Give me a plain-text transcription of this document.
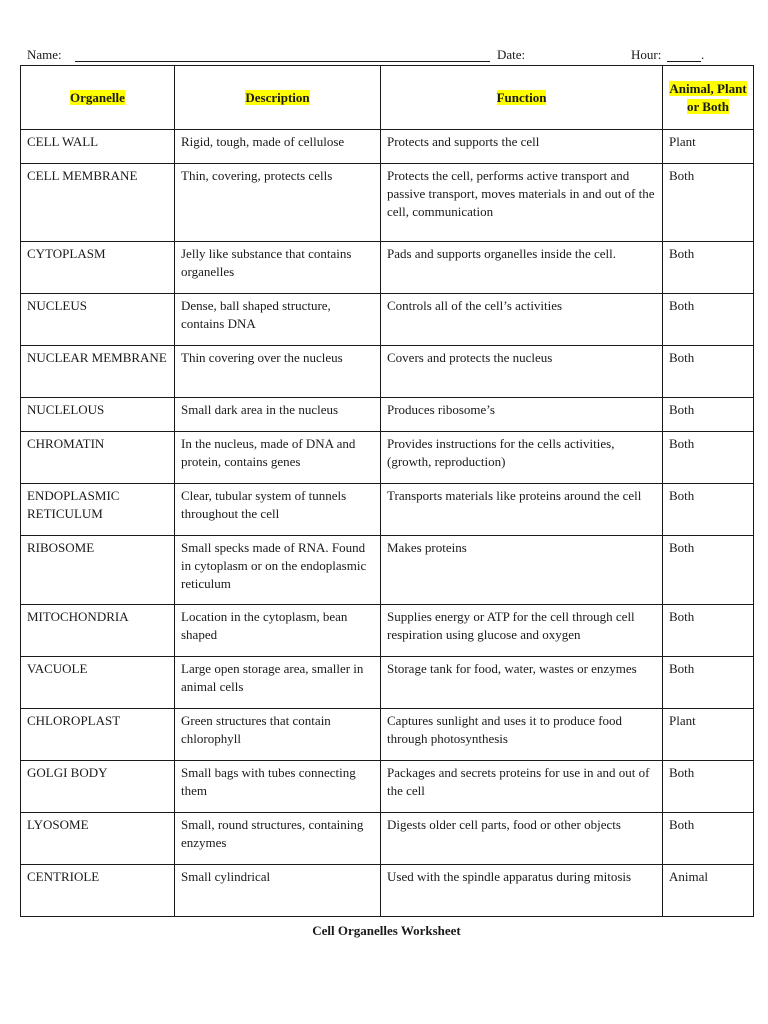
Name:	Date:	Hour:	.
Organelle	Description	Function	Animal, Plant or Both
CELL WALL	Rigid, tough, made of cellulose	Protects and supports the cell	Plant
CELL MEMBRANE	Thin, covering, protects cells	Protects the cell, performs active transport and passive transport, moves materials in and out of the cell, communication	Both
CYTOPLASM	Jelly like substance that contains organelles	Pads and supports organelles inside the cell.	Both
NUCLEUS	Dense, ball shaped structure, contains DNA	Controls all of the cell’s activities	Both
NUCLEAR MEMBRANE	Thin covering over the nucleus	Covers and protects the nucleus	Both
NUCLELOUS	Small dark area in the nucleus	Produces ribosome’s	Both
CHROMATIN	In the nucleus, made of DNA and protein, contains genes	Provides instructions for the cells activities, (growth, reproduction)	Both
ENDOPLASMIC RETICULUM	Clear, tubular system of tunnels throughout the cell	Transports materials like proteins around the cell	Both
RIBOSOME	Small specks made of RNA. Found in cytoplasm or on the endoplasmic reticulum	Makes proteins	Both
MITOCHONDRIA	Location in the cytoplasm, bean shaped	Supplies energy or ATP for the cell through cell respiration using glucose and oxygen	Both
VACUOLE	Large open storage area, smaller in animal cells	Storage tank for food, water, wastes or enzymes	Both
CHLOROPLAST	Green structures that contain chlorophyll	Captures sunlight and uses it to produce food through photosynthesis	Plant
GOLGI BODY	Small bags with tubes connecting them	Packages and secrets proteins for use in and out of the cell	Both
LYOSOME	Small, round structures, containing enzymes	Digests older cell parts, food or other objects	Both
CENTRIOLE	Small cylindrical	Used with the spindle apparatus during mitosis	Animal
Cell Organelles Worksheet
